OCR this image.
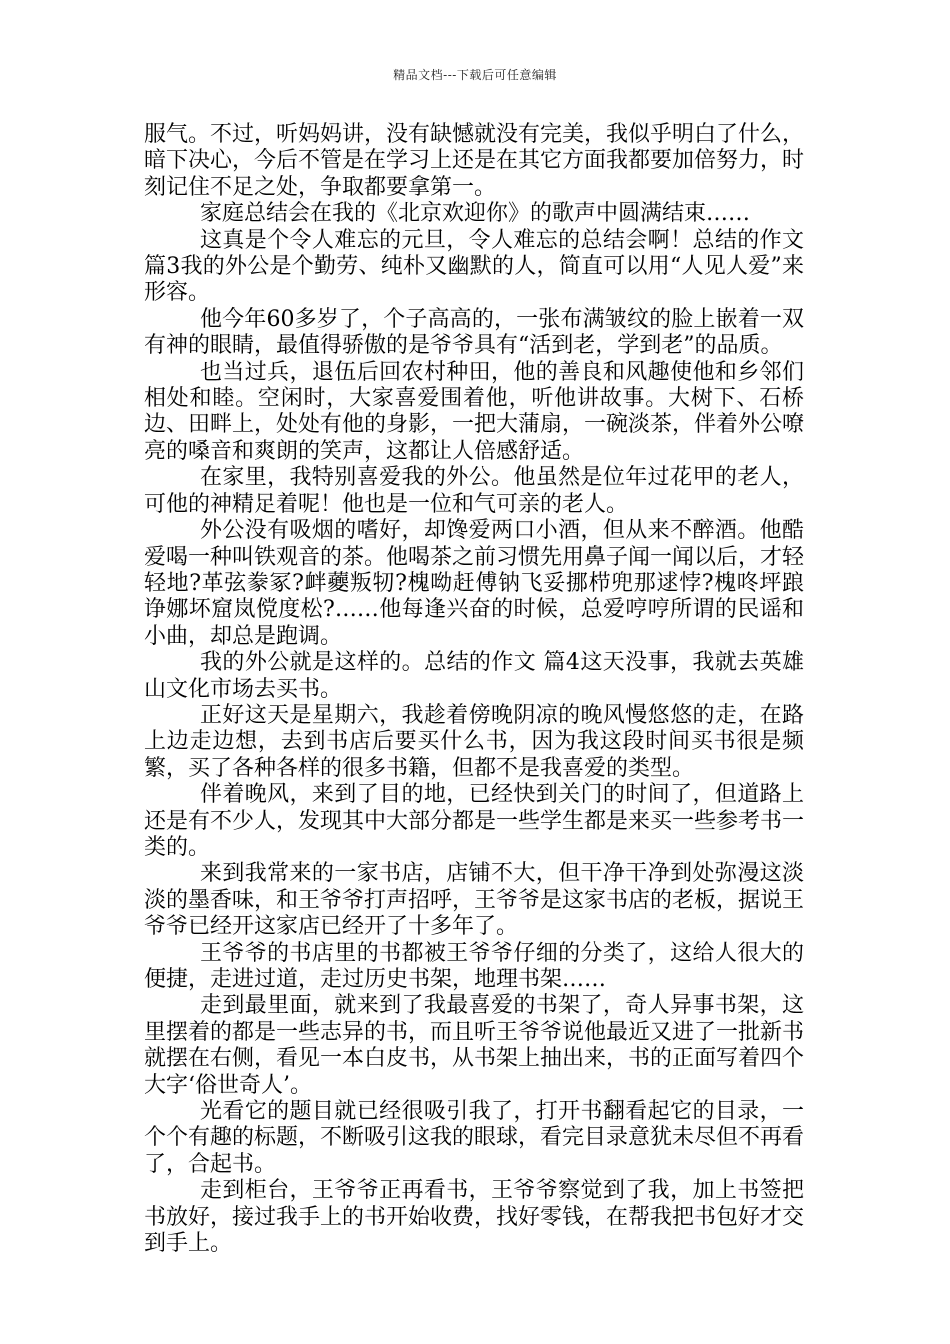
精品文档---下载后可任意编辑

服气。不过，听妈妈讲，没有缺憾就没有完美，我似乎明白了什么，暗下决心，今后不管是在学习上还是在其它方面我都要加倍努力，时刻记住不足之处，争取都要拿第一。

家庭总结会在我的《北京欢迎你》的歌声中圆满结束……

这真是个令人难忘的元旦，令人难忘的总结会啊！总结的作文 篇3我的外公是个勤劳、纯朴又幽默的人，简直可以用“人见人爱”来形容。

他今年60多岁了，个子高高的，一张布满皱纹的脸上嵌着一双有神的眼睛，最值得骄傲的是爷爷具有“活到老，学到老”的品质。

也当过兵，退伍后回农村种田，他的善良和风趣使他和乡邻们相处和睦。空闲时，大家喜爱围着他，听他讲故事。大树下、石桥边、田畔上，处处有他的身影，一把大蒲扇，一碗淡茶，伴着外公嘹亮的嗓音和爽朗的笑声，这都让人倍感舒适。

在家里，我特别喜爱我的外公。他虽然是位年过花甲的老人，可他的神精足着呢！他也是一位和气可亲的老人。

外公没有吸烟的嗜好，却馋爱两口小酒，但从来不醉酒。他酷爱喝一种叫铁观音的茶。他喝茶之前习惯先用鼻子闻一闻以后，才轻轻地?革弦豢冢?衅虁叛牣?槐呦赶傅钠飞妥挪栉兜那逑悖?槐咚坪踉诤娜坏窟岚傥度松?……他每逢兴奋的时候，总爱哼哼所谓的民谣和小曲，却总是跑调。

我的外公就是这样的。总结的作文 篇4这天没事，我就去英雄山文化市场去买书。

正好这天是星期六，我趁着傍晚阴凉的晚风慢悠悠的走，在路上边走边想，去到书店后要买什么书，因为我这段时间买书很是频繁，买了各种各样的很多书籍，但都不是我喜爱的类型。

伴着晚风，来到了目的地，已经快到关门的时间了，但道路上还是有不少人，发现其中大部分都是一些学生都是来买一些参考书一类的。

来到我常来的一家书店，店铺不大，但干净干净到处弥漫这淡淡的墨香味，和王爷爷打声招呼，王爷爷是这家书店的老板，据说王爷爷已经开这家店已经开了十多年了。

王爷爷的书店里的书都被王爷爷仔细的分类了，这给人很大的便捷，走进过道，走过历史书架，地理书架……

走到最里面，就来到了我最喜爱的书架了，奇人异事书架，这里摆着的都是一些志异的书，而且听王爷爷说他最近又进了一批新书就摆在右侧，看见一本白皮书，从书架上抽出来，书的正面写着四个大字‘俗世奇人’。

光看它的题目就已经很吸引我了，打开书翻看起它的目录，一个个有趣的标题，不断吸引这我的眼球，看完目录意犹未尽但不再看了，合起书。

走到柜台，王爷爷正再看书，王爷爷察觉到了我，加上书签把书放好，接过我手上的书开始收费，找好零钱，在帮我把书包好才交到手上。
